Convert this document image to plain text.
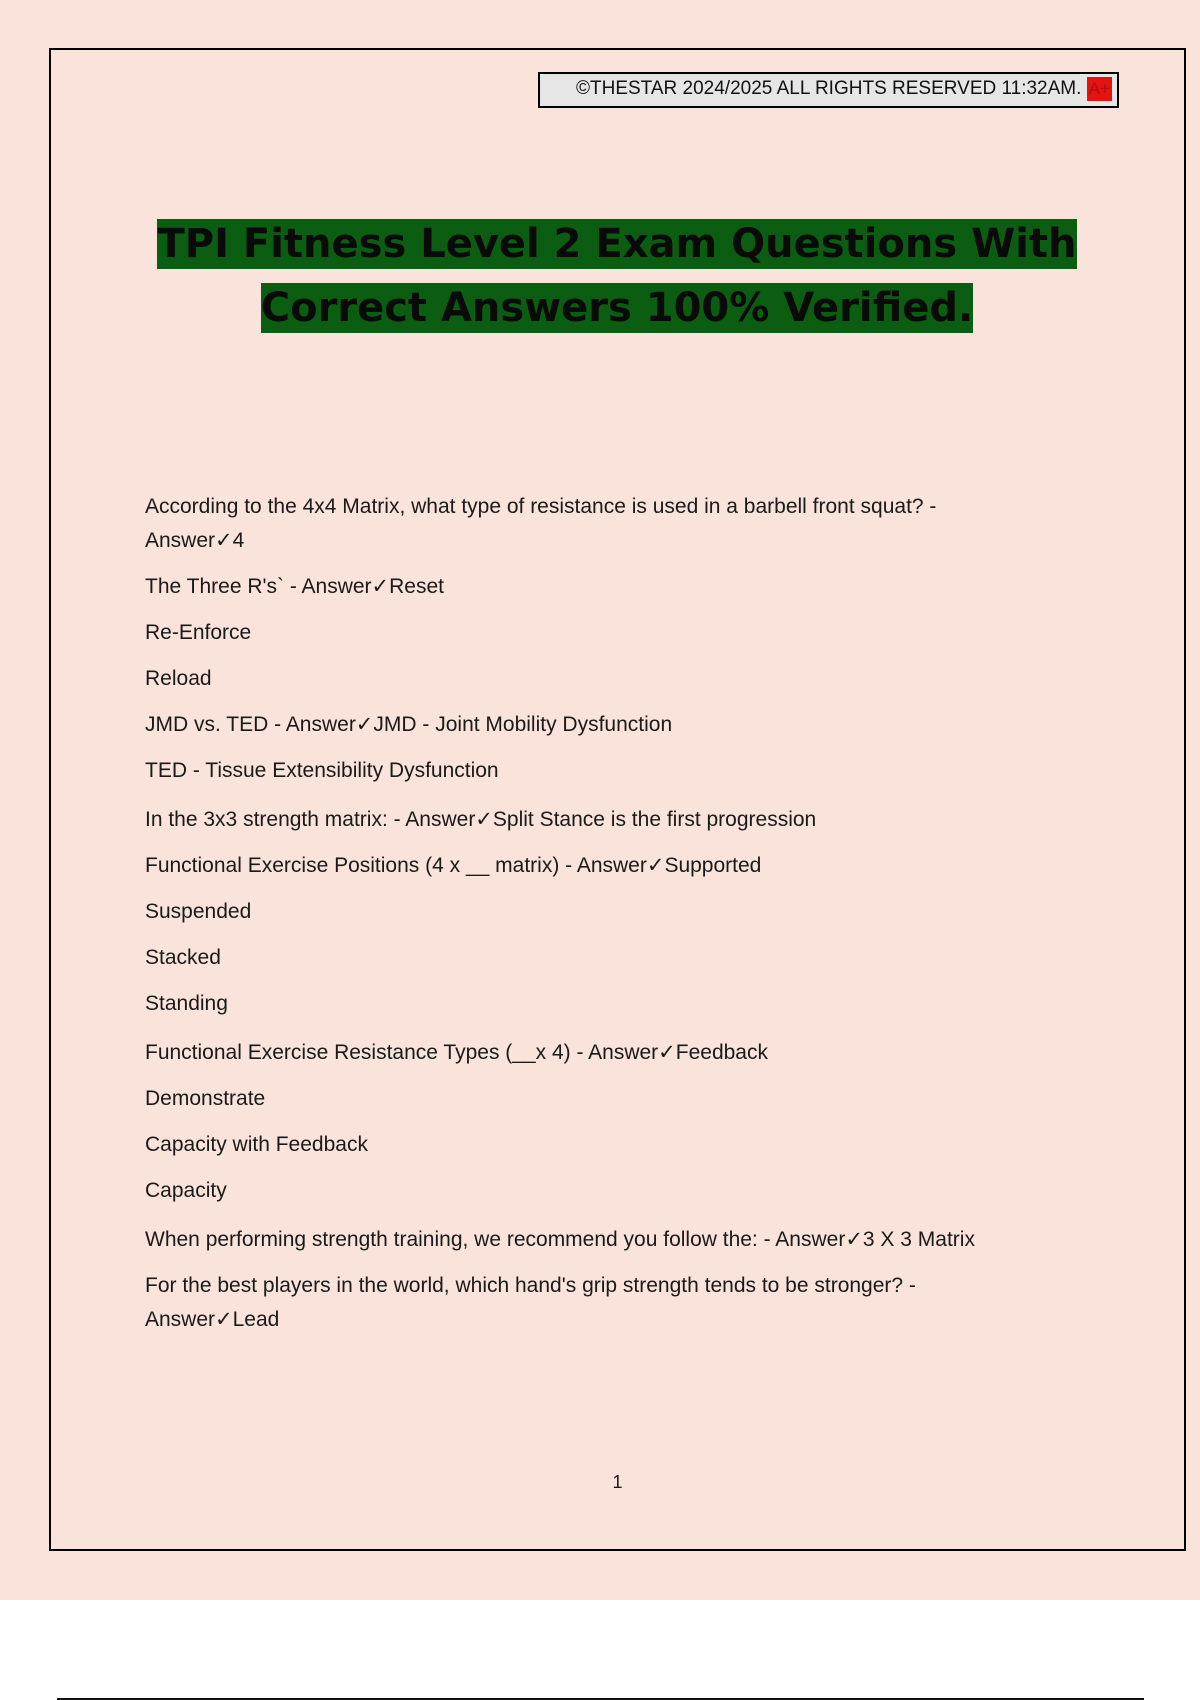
©THESTAR 2024/2025 ALL RIGHTS RESERVED 11:32AM. A+
TPI Fitness Level 2 Exam Questions With
Correct Answers 100% Verified.

According to the 4x4 Matrix, what type of resistance is used in a barbell front squat? -

Answer✓4

The Three R's` - Answer✓Reset

Re-Enforce

Reload

JMD vs. TED - Answer✓JMD - Joint Mobility Dysfunction

TED - Tissue Extensibility Dysfunction

In the 3x3 strength matrix: - Answer✓Split Stance is the first progression

Functional Exercise Positions (4 x __ matrix) - Answer✓Supported

Suspended

Stacked

Standing

Functional Exercise Resistance Types (__x 4) - Answer✓Feedback

Demonstrate

Capacity with Feedback

Capacity

When performing strength training, we recommend you follow the: - Answer✓3 X 3 Matrix

For the best players in the world, which hand's grip strength tends to be stronger? -

Answer✓Lead

1
